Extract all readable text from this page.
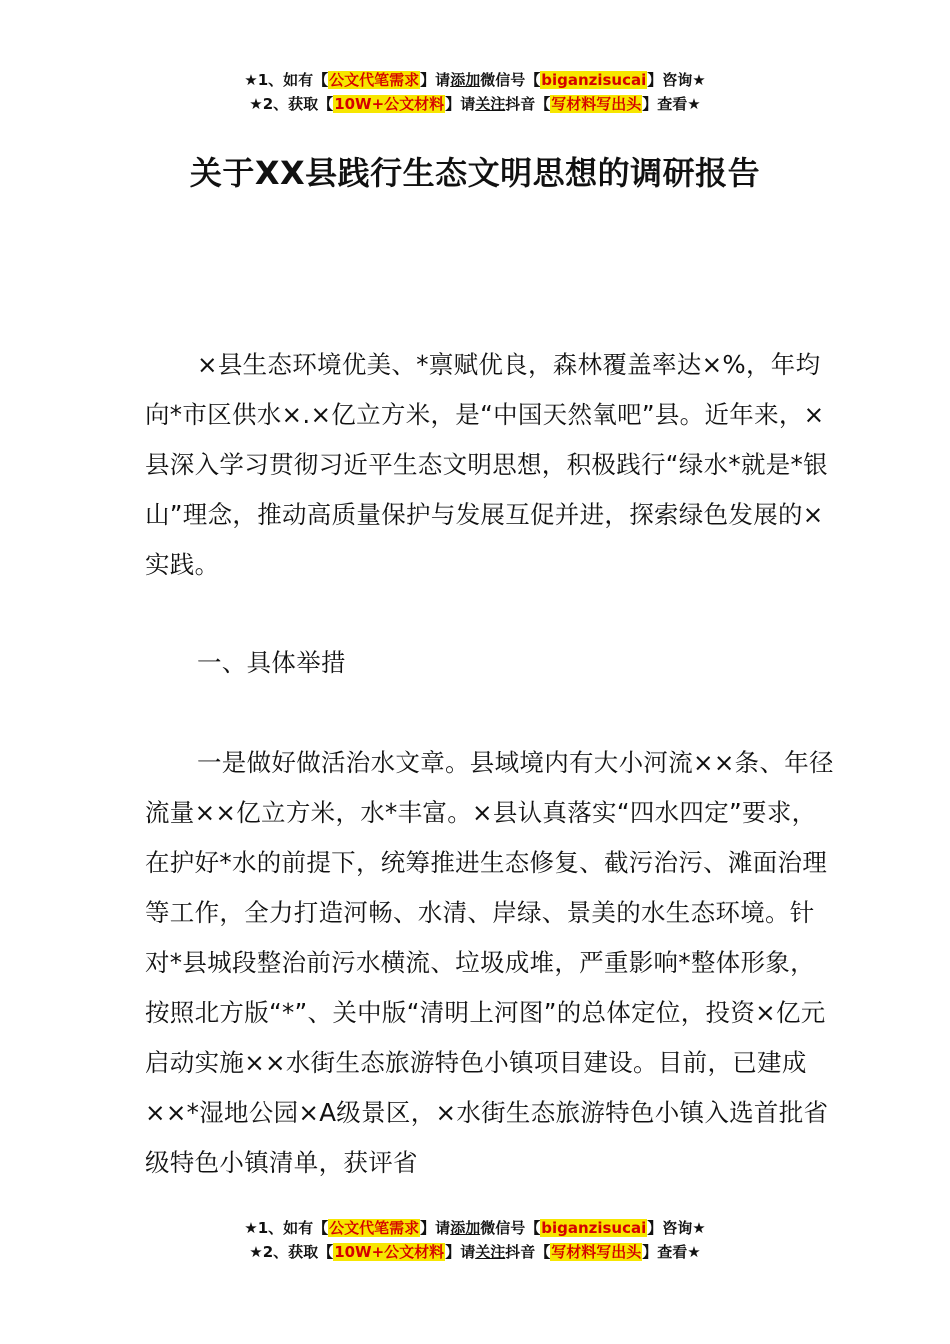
★1、如有【公文代笔需求】请添加微信号【biganzisucai】咨询★
★2、获取【10W+公文材料】请关注抖音【写材料写出头】查看★
关于XX县践行生态文明思想的调研报告

×县生态环境优美、*禀赋优良，森林覆盖率达×%，年均向*市区供水×.×亿立方米，是“中国天然氧吧”县。近年来，×县深入学习贯彻习近平生态文明思想，积极践行“绿水*就是*银山”理念，推动高质量保护与发展互促并进，探索绿色发展的×实践。

一、具体举措

一是做好做活治水文章。县域境内有大小河流××条、年径流量××亿立方米，水*丰富。×县认真落实“四水四定”要求，在护好*水的前提下，统筹推进生态修复、截污治污、滩面治理等工作，全力打造河畅、水清、岸绿、景美的水生态环境。针对*县城段整治前污水横流、垃圾成堆，严重影响*整体形象，按照北方版“*”、关中版“清明上河图”的总体定位，投资×亿元启动实施××水街生态旅游特色小镇项目建设。目前，已建成××*湿地公园×A级景区，×水街生态旅游特色小镇入选首批省级特色小镇清单，获评省

★1、如有【公文代笔需求】请添加微信号【biganzisucai】咨询★
★2、获取【10W+公文材料】请关注抖音【写材料写出头】查看★
